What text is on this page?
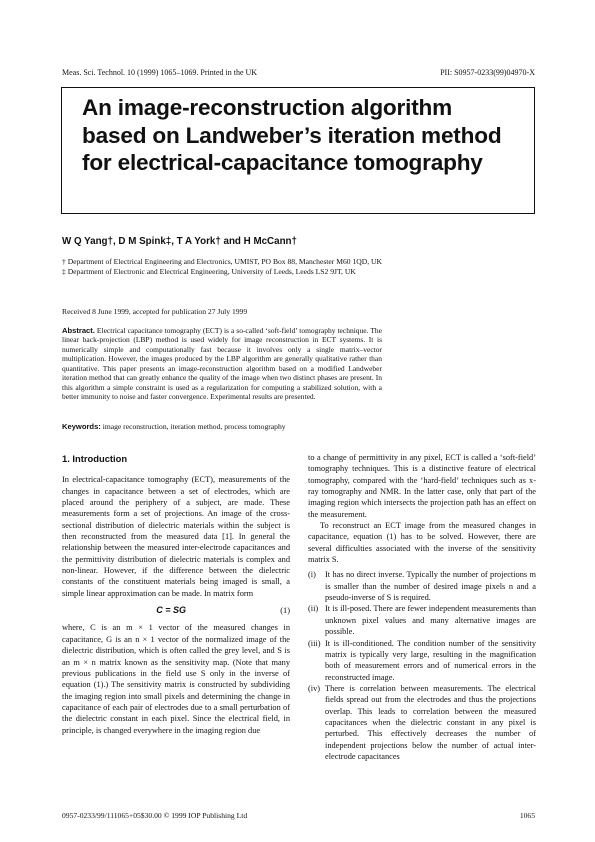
Meas. Sci. Technol. 10 (1999) 1065–1069. Printed in the UK	PII: S0957-0233(99)04970-X
An image-reconstruction algorithm based on Landweber’s iteration method for electrical-capacitance tomography
W Q Yang†, D M Spink‡, T A York† and H McCann†
† Department of Electrical Engineering and Electronics, UMIST, PO Box 88, Manchester M60 1QD, UK
‡ Department of Electronic and Electrical Engineering, University of Leeds, Leeds LS2 9JT, UK
Received 8 June 1999, accepted for publication 27 July 1999
Abstract. Electrical capacitance tomography (ECT) is a so-called ‘soft-field’ tomography technique. The linear back-projection (LBP) method is used widely for image reconstruction in ECT systems. It is numerically simple and computationally fast because it involves only a single matrix–vector multiplication. However, the images produced by the LBP algorithm are generally qualitative rather than quantitative. This paper presents an image-reconstruction algorithm based on a modified Landweber iteration method that can greatly enhance the quality of the image when two distinct phases are present. In this algorithm a simple constraint is used as a regularization for computing a stabilized solution, with a better immunity to noise and faster convergence. Experimental results are presented.
Keywords: image reconstruction, iteration method, process tomography
1. Introduction

In electrical-capacitance tomography (ECT), measurements of the changes in capacitance between a set of electrodes, which are placed around the periphery of a subject, are made. These measurements form a set of projections. An image of the cross-sectional distribution of dielectric materials within the subject is then reconstructed from the measured data [1]. In general the relationship between the measured inter-electrode capacitances and the permittivity distribution of dielectric materials is complex and non-linear. However, if the difference between the dielectric constants of the constituent materials being imaged is small, a simple linear approximation can be made. In matrix form

C = SG	(1)

where, C is an m × 1 vector of the measured changes in capacitance, G is an n × 1 vector of the normalized image of the dielectric distribution, which is often called the grey level, and S is an m × n matrix known as the sensitivity map. (Note that many previous publications in the field use S only in the inverse of equation (1).) The sensitivity matrix is constructed by subdividing the imaging region into small pixels and determining the change in capacitance of each pair of electrodes due to a small perturbation of the dielectric constant in each pixel. Since the electrical field, in principle, is changed everywhere in the imaging region due

to a change of permittivity in any pixel, ECT is called a ‘soft-field’ tomography techniques. This is a distinctive feature of electrical tomography, compared with the ‘hard-field’ techniques such as x-ray tomography and NMR. In the latter case, only that part of the imaging region which intersects the projection path has an effect on the measurement.

To reconstruct an ECT image from the measured changes in capacitance, equation (1) has to be solved. However, there are several difficulties associated with the inverse of the sensitivity matrix S.

(i)	It has no direct inverse. Typically the number of projections m is smaller than the number of desired image pixels n and a pseudo-inverse of S is required.
(ii) It is ill-posed. There are fewer independent measurements than unknown pixel values and many alternative images are possible.
(iii) It is ill-conditioned. The condition number of the sensitivity matrix is typically very large, resulting in the magnification both of measurement errors and of numerical errors in the reconstructed image.
(iv) There is correlation between measurements. The electrical fields spread out from the electrodes and thus the projections overlap. This leads to correlation between the measured capacitances when the dielectric constant in any pixel is perturbed. This effectively decreases the number of independent projections below the number of actual inter-electrode capacitances
0957-0233/99/111065+05$30.00 © 1999 IOP Publishing Ltd	1065
